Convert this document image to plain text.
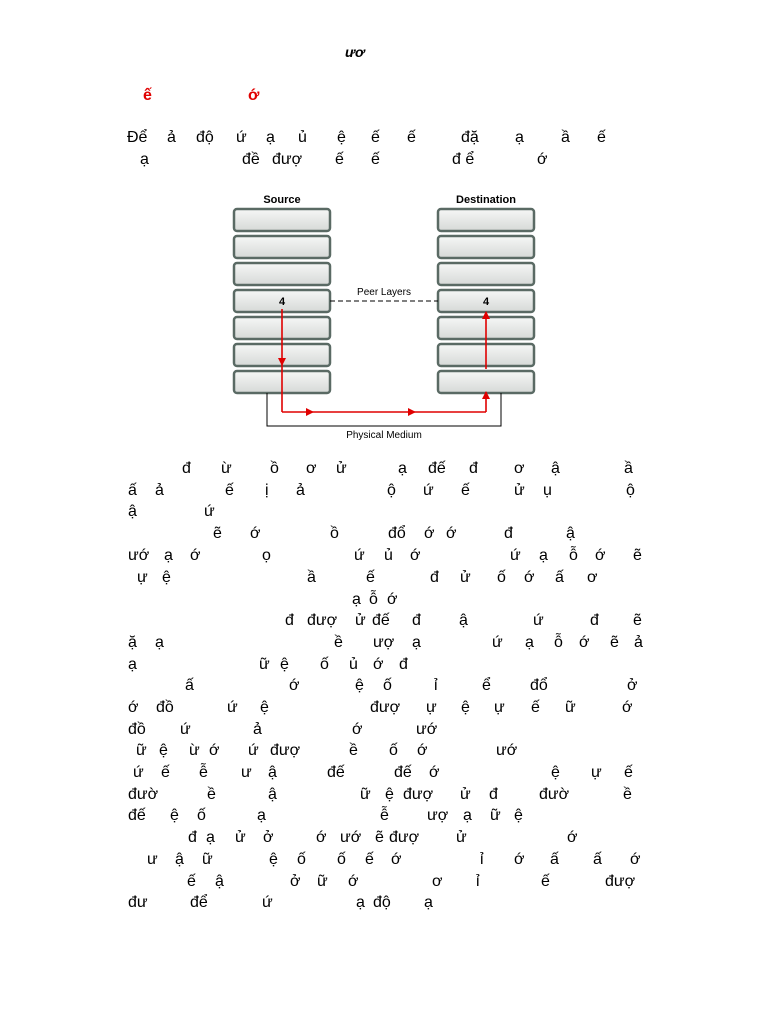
ươ
ế	ớ
Để ả độ ứ ạ ủ ệ ế ế	đặ ạ ầ ế
ạ	đề đượ ế ế	đ ể	ớ
Source	Destination
4	4
Peer Layers
Physical Medium
đ ừ ồ ơ ử	ạ đế đ ơ ậ	ầ
ấ ả	ế ị ả	ộ ứ ế	ử ụ	ộ
ậ	ứ
ẽ ớ	ồ	đổ ớ ớ	đ	ậ
ướ ạ ớ	ọ	ứ ủ ớ	ứ ạ ỗ ớ ẽ
ự ệ	ầ	ế	đ ử ố ớ ấ ơ
ạ ỗ ớ
đ đượ ử đế đ ậ	ứ	đ ẽ
ặ ạ	ề ượ ạ	ứ ạ ỗ ớ ẽ ả
ạ	ữ ệ ố ủ ớ đ
ấ	ớ	ệ ố	ỉ	ể đổ	ở
ớ đồ	ứ ệ	đượ ự ệ ự ế ữ	ớ
đồ ứ	ả	ớ	ướ
ữ ệ ừ ớ ứ đượ	ề ố ớ	ướ
ứ ế ễ ư ậ	đế	đế ớ	ệ ự ế
đườ	ề	ậ	ữ ệ đượ ử đ	đườ	ề
đế ệ ố	ạ	ễ ượ ạ ữ ệ
đ ạ ử ở	ớ ướ ẽ đượ ử	ớ
ư ậ ữ	ệ ố ố ế ớ	ỉ ớ ấ ấ ớ
ế ậ	ở ữ ớ	ơ ỉ	ế	đượ
đư	để	ứ	ạ độ ạ
